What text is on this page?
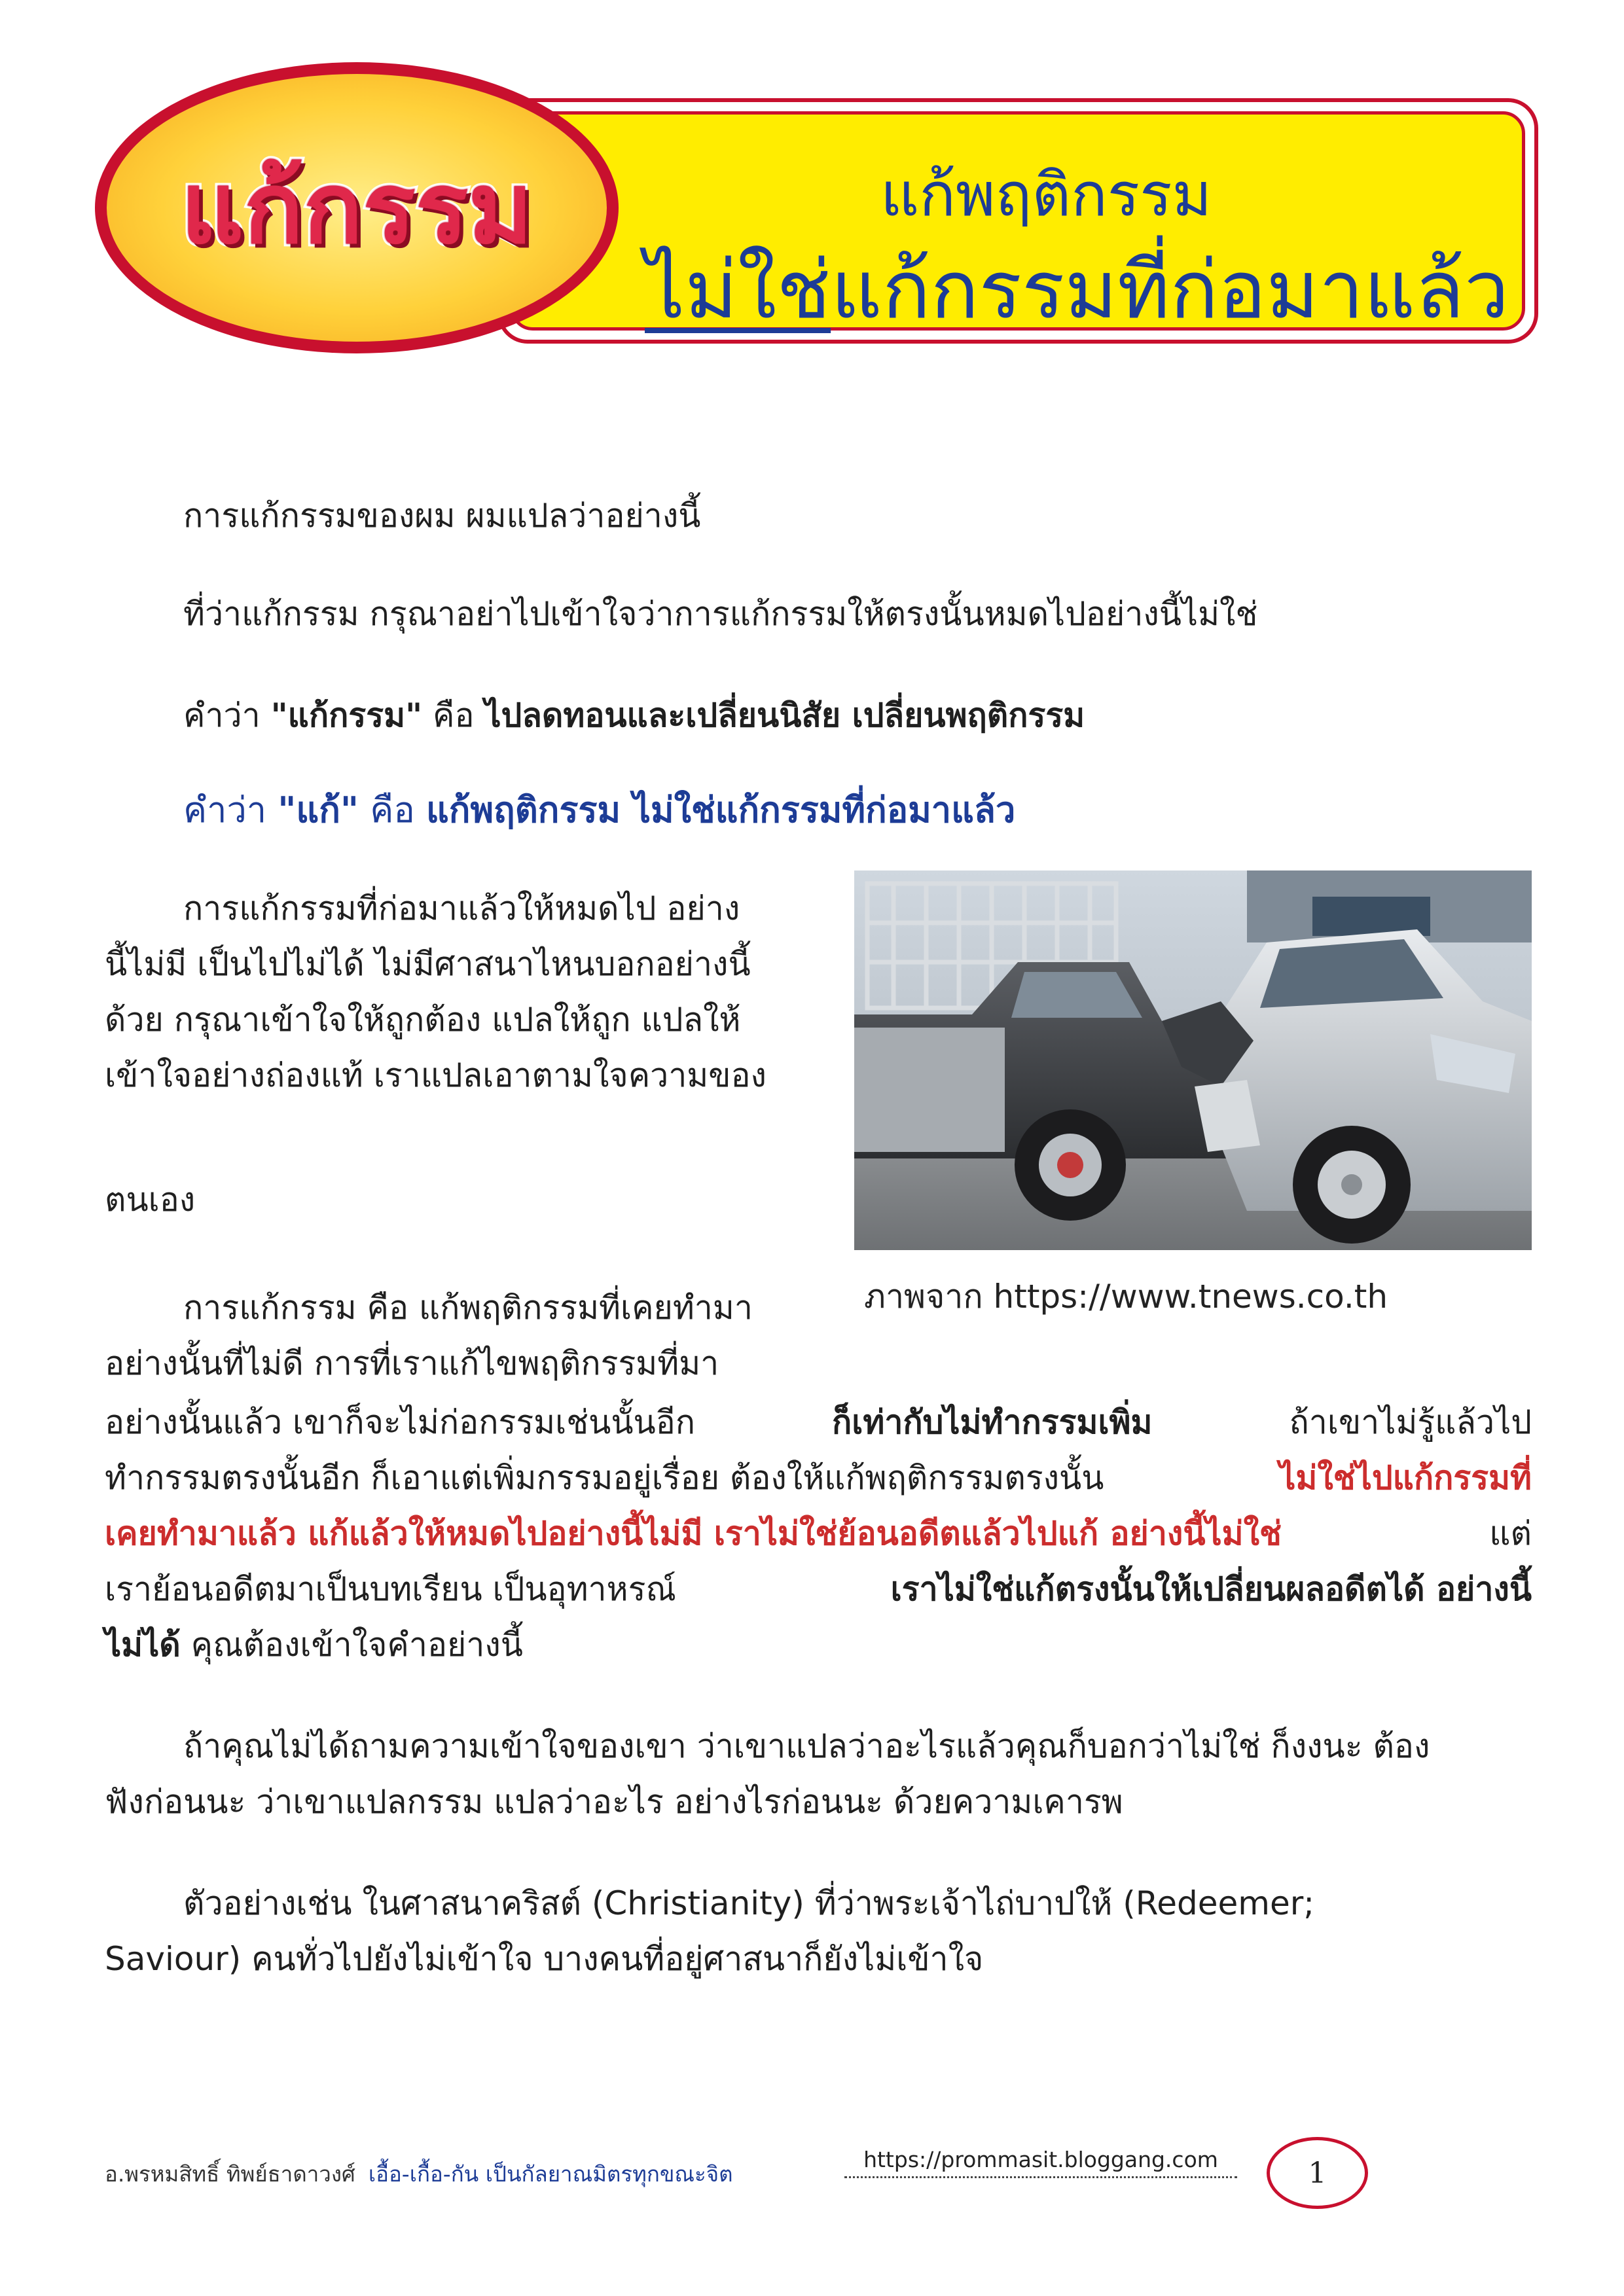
แก้พฤติกรรม
ไม่ใช่แก้กรรมที่ก่อมาแล้ว
แก้กรรม
การแก้กรรมของผม ผมแปลว่าอย่างนี้
ที่ว่าแก้กรรม กรุณาอย่าไปเข้าใจว่าการแก้กรรมให้ตรงนั้นหมดไปอย่างนี้ไม่ใช่
คำว่า "แก้กรรม" คือ ไปลดทอนและเปลี่ยนนิสัย เปลี่ยนพฤติกรรม
คำว่า "แก้" คือ แก้พฤติกรรม ไม่ใช่แก้กรรมที่ก่อมาแล้ว
การแก้กรรมที่ก่อมาแล้วให้หมดไป อย่าง
นี้ไม่มี เป็นไปไม่ได้ ไม่มีศาสนาไหนบอกอย่างนี้
ด้วย กรุณาเข้าใจให้ถูกต้อง แปลให้ถูก แปลให้
เข้าใจอย่างถ่องแท้ เราแปลเอาตามใจความของ
ตนเอง
ภาพจาก https://www.tnews.co.th
การแก้กรรม คือ แก้พฤติกรรมที่เคยทำมา
อย่างนั้นที่ไม่ดี การที่เราแก้ไขพฤติกรรมที่มา
อย่างนั้นแล้ว เขาก็จะไม่ก่อกรรมเช่นนั้นอีก	ก็เท่ากับไม่ทำกรรมเพิ่ม	ถ้าเขาไม่รู้แล้วไป
ทำกรรมตรงนั้นอีก ก็เอาแต่เพิ่มกรรมอยู่เรื่อย ต้องให้แก้พฤติกรรมตรงนั้น	ไม่ใช่ไปแก้กรรมที่
เคยทำมาแล้ว แก้แล้วให้หมดไปอย่างนี้ไม่มี เราไม่ใช่ย้อนอดีตแล้วไปแก้ อย่างนี้ไม่ใช่	แต่
เราย้อนอดีตมาเป็นบทเรียน เป็นอุทาหรณ์	เราไม่ใช่แก้ตรงนั้นให้เปลี่ยนผลอดีตได้ อย่างนี้
ไม่ได้ คุณต้องเข้าใจคำอย่างนี้
ถ้าคุณไม่ได้ถามความเข้าใจของเขา ว่าเขาแปลว่าอะไรแล้วคุณก็บอกว่าไม่ใช่ ก็งงนะ ต้อง
ฟังก่อนนะ ว่าเขาแปลกรรม แปลว่าอะไร อย่างไรก่อนนะ ด้วยความเคารพ
ตัวอย่างเช่น ในศาสนาคริสต์ (Christianity) ที่ว่าพระเจ้าไถ่บาปให้ (Redeemer;
Saviour) คนทั่วไปยังไม่เข้าใจ บางคนที่อยู่ศาสนาก็ยังไม่เข้าใจ
อ.พรหมสิทธิ์ ทิพย์ธาดาวงศ์ เอื้อ-เกื้อ-กัน เป็นกัลยาณมิตรทุกขณะจิต
https://prommasit.bloggang.com	1
